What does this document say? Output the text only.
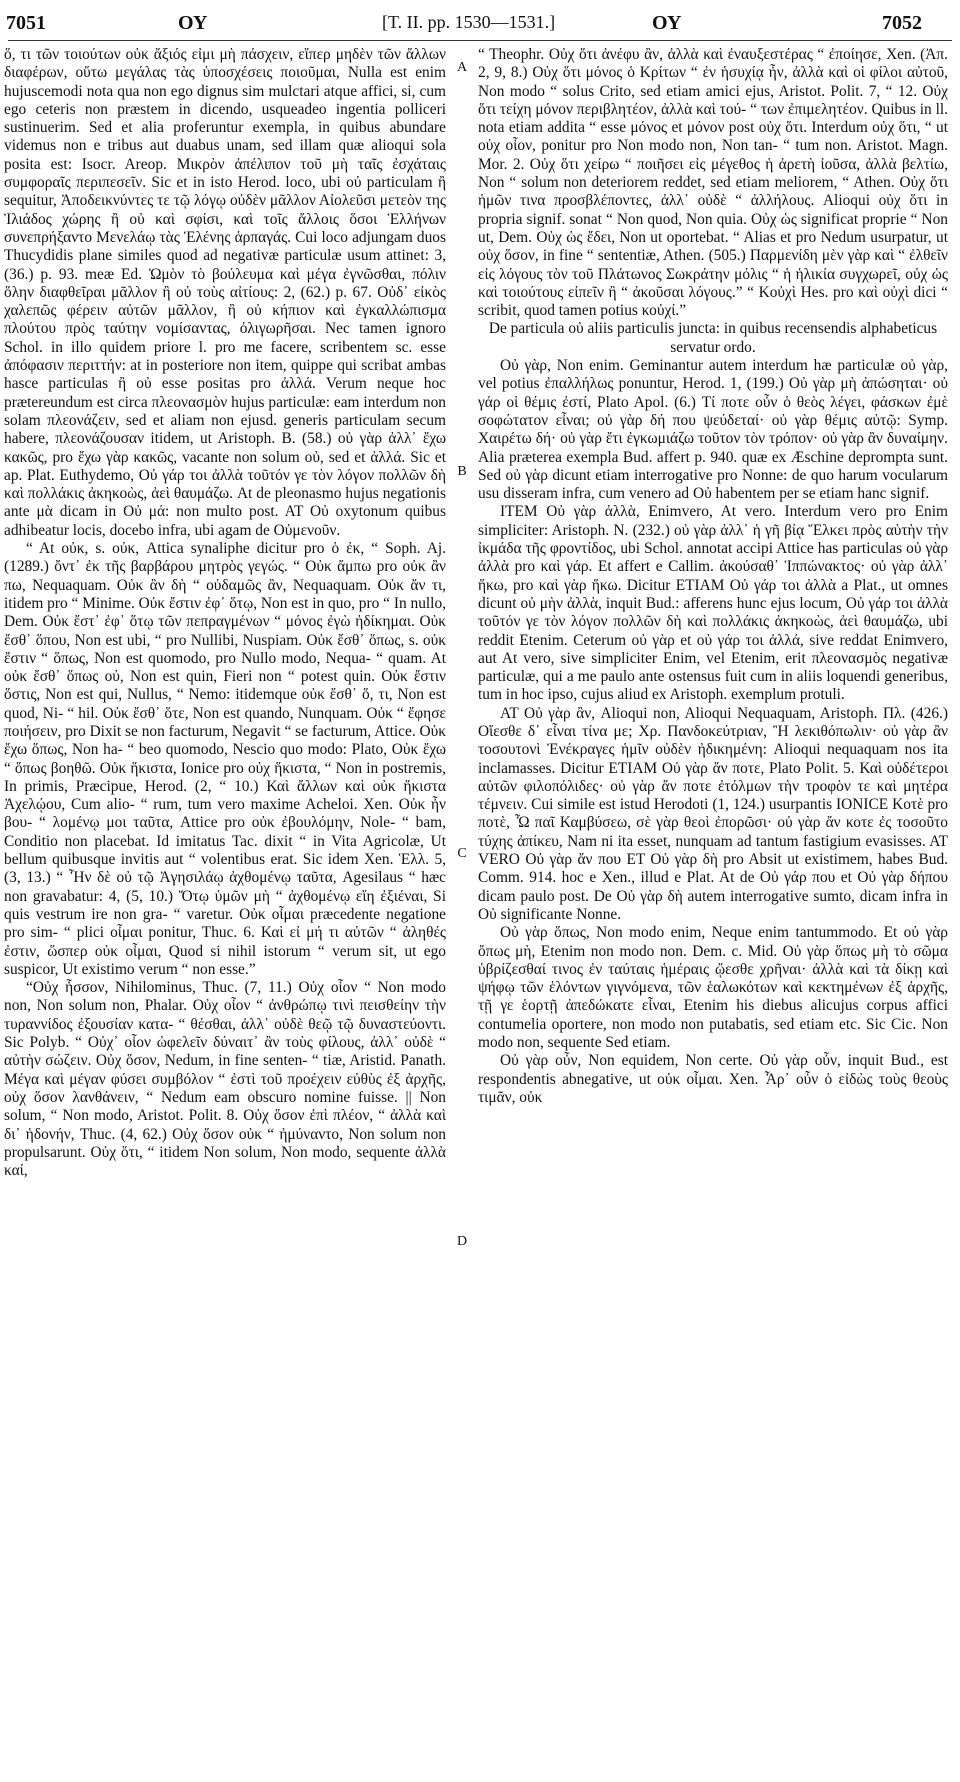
7051	ΟΥ	[T. II. pp. 1530—1531.]	ΟΥ	7052
A
B
C
D

ὅ, τι τῶν τοιούτων οὐκ ἄξιός εἰμι μὴ πάσχειν, εἴπερ μηδὲν τῶν ἄλλων διαφέρων, οὕτω μεγάλας τὰς ὑποσχέσεις ποιοῦμαι, Nulla est enim hujuscemodi nota qua non ego dignus sim mulctari atque affici, si, cum ego ceteris non præstem in dicendo, usqueadeo ingentia polliceri sustinuerim. Sed et alia proferuntur exempla, in quibus abundare videmus non e tribus aut duabus unam, sed illam quæ alioqui sola posita est: Isocr. Areop. Μικρὸν ἀπέλιπον τοῦ μὴ ταῖς ἐσχάταις συμφοραῖς περιπεσεῖν. Sic et in isto Herod. loco, ubi οὐ particulam ἢ sequitur, Ἀποδεικνύντες τε τῷ λόγῳ οὐδὲν μᾶλλον Αἰολεῦσι μετεὸν της Ἰλιάδος χώρης ἢ οὐ καὶ σφίσι, καὶ τοῖς ἄλλοις ὅσοι Ἑλλήνων συνεπρήξαντο Μενελάῳ τὰς Ἑλένης ἁρπαγάς. Cui loco adjungam duos Thucydidis plane similes quod ad negativæ particulæ usum attinet: 3, (36.) p. 93. meæ Ed. Ὠμὸν τὸ βούλευμα καὶ μέγα ἐγνῶσθαι, πόλιν ὅλην διαφθεῖραι μᾶλλον ἢ οὐ τοὺς αἰτίους: 2, (62.) p. 67. Οὐδ᾽ εἰκὸς χαλεπῶς φέρειν αὐτῶν μᾶλλον, ἢ οὐ κήπιον καὶ ἐγκαλλώπισμα πλούτου πρὸς ταύτην νομίσαντας, ὀλιγωρῆσαι. Nec tamen ignoro Schol. in illo quidem priore l. pro me facere, scribentem sc. esse ἀπόφασιν περιττήν: at in posteriore non item, quippe qui scribat ambas hasce particulas ἢ οὐ esse positas pro ἀλλά. Verum neque hoc prætereundum est circa πλεονασμὸν hujus particulæ: eam interdum non solam πλεονάζειν, sed et aliam non ejusd. generis particulam secum habere, πλεονάζουσαν itidem, ut Aristoph. B. (58.) οὐ γὰρ ἀλλ᾽ ἔχω κακῶς, pro ἔχω γὰρ κακῶς, vacante non solum οὐ, sed et ἀλλά. Sic et ap. Plat. Euthydemo, Οὐ γάρ τοι ἀλλὰ τοῦτόν γε τὸν λόγον πολλῶν δὴ καὶ πολλάκις ἀκηκοὼς, ἀεὶ θαυμάζω. At de pleonasmo hujus negationis ante μὰ dicam in Οὐ μά: non multo post. AT Οὐ oxytonum quibus adhibeatur locis, docebo infra, ubi agam de Οὐμενοῦν.

“ At οὐκ, s. οὐκ, Attica synaliphe dicitur pro ὁ ἐκ, “ Soph. Aj. (1289.) ὄντ᾽ ἐκ τῆς βαρβάρου μητρὸς γεγώς. “ Οὐκ ἄμπω pro οὐκ ἂν πω, Nequaquam. Οὐκ ἂν δὴ “ οὐδαμῶς ἂν, Nequaquam. Οὐκ ἄν τι, itidem pro “ Minime. Οὐκ ἔστιν ἐφ᾽ ὅτῳ, Non est in quo, pro “ In nullo, Dem. Οὐκ ἔστ᾽ ἐφ᾽ ὅτῳ τῶν πεπραγμένων “ μόνος ἐγὼ ἠδίκημαι. Οὐκ ἔσθ᾽ ὅπου, Non est ubi, “ pro Nullibi, Nuspiam. Οὐκ ἔσθ᾽ ὅπως, s. οὐκ ἔστιν “ ὅπως, Non est quomodo, pro Nullo modo, Nequa- “ quam. At οὐκ ἔσθ᾽ ὅπως οὐ, Non est quin, Fieri non “ potest quin. Οὐκ ἔστιν ὅστις, Non est qui, Nullus, “ Nemo: itidemque οὐκ ἔσθ᾽ ὅ, τι, Non est quod, Ni- “ hil. Οὐκ ἔσθ᾽ ὅτε, Non est quando, Nunquam. Οὐκ “ ἔφησε ποιήσειν, pro Dixit se non facturum, Negavit “ se facturum, Attice. Οὐκ ἔχω ὅπως, Non ha- “ beo quomodo, Nescio quo modo: Plato, Οὐκ ἔχω “ ὅπως βοηθῶ. Οὐκ ἥκιστα, Ionice pro οὐχ ἥκιστα, “ Non in postremis, In primis, Præcipue, Herod. (2, “ 10.) Καὶ ἄλλων καὶ οὐκ ἥκιστα Ἀχελῴου, Cum alio- “ rum, tum vero maxime Acheloi. Xen. Οὐκ ἦν βου- “ λομένῳ μοι ταῦτα, Attice pro οὐκ ἐβουλόμην, Nole- “ bam, Conditio non placebat. Id imitatus Tac. dixit “ in Vita Agricolæ, Ut bellum quibusque invitis aut “ volentibus erat. Sic idem Xen. Ἑλλ. 5, (3, 13.) “ Ἦν δὲ οὐ τῷ Ἀγησιλάῳ ἀχθομένῳ ταῦτα, Agesilaus “ hæc non gravabatur: 4, (5, 10.) Ὅτῳ ὑμῶν μὴ “ ἀχθομένῳ εἴη ἐξιέναι, Si quis vestrum ire non gra- “ varetur. Οὐκ οἶμαι præcedente negatione pro sim- “ plici οἶμαι ponitur, Thuc. 6. Καὶ εἰ μή τι αὐτῶν “ ἀληθές ἐστιν, ὥσπερ οὐκ οἶμαι, Quod si nihil istorum “ verum sit, ut ego suspicor, Ut existimo verum “ non esse.”

“Οὐχ ἧσσον, Nihilominus, Thuc. (7, 11.) Οὐχ οἷον “ Non modo non, Non solum non, Phalar. Οὐχ οἷον “ ἀνθρώπῳ τινὶ πεισθείην τὴν τυραννίδος ἐξουσίαν κατα- “ θέσθαι, ἀλλ᾽ οὐδὲ θεῷ τῷ δυναστεύοντι. Sic Polyb. “ Οὐχ᾽ οἷον ὠφελεῖν δύναιτ᾽ ἂν τοὺς φίλους, ἀλλ᾽ οὐδὲ “ αὐτὴν σώζειν. Οὐχ ὅσον, Nedum, in fine senten- “ tiæ, Aristid. Panath. Μέγα καὶ μέγαν φύσει συμβόλον “ ἐστὶ τοῦ προέχειν εὐθὺς ἐξ ἀρχῆς, οὐχ ὅσον λανθάνειν, “ Nedum eam obscuro nomine fuisse. || Non solum, “ Non modo, Aristot. Polit. 8. Οὐχ ὅσον ἐπὶ πλέον, “ ἀλλὰ καὶ δι᾽ ἡδονήν, Thuc. (4, 62.) Οὐχ ὅσον οὐκ “ ἠμύναντο, Non solum non propulsarunt. Οὐχ ὅτι, “ itidem Non solum, Non modo, sequente ἀλλὰ καί,

“ Theophr. Οὐχ ὅτι ἀνέφυ ἂν, ἀλλὰ καὶ ἐναυξεστέρας “ ἐποίησε, Xen. (Ἀπ. 2, 9, 8.) Οὐχ ὅτι μόνος ὁ Κρίτων “ ἐν ἡσυχίᾳ ἦν, ἀλλὰ καὶ οἱ φίλοι αὐτοῦ, Non modo “ solus Crito, sed etiam amici ejus, Aristot. Polit. 7, “ 12. Οὐχ ὅτι τείχη μόνον περιβλητέον, ἀλλὰ καὶ τού- “ των ἐπιμελητέον. Quibus in ll. nota etiam addita “ esse μόνος et μόνον post οὐχ ὅτι. Interdum οὐχ ὅτι, “ ut οὐχ οἷον, ponitur pro Non modo non, Non tan- “ tum non. Aristot. Magn. Mor. 2. Οὐχ ὅτι χείρω “ ποιῆσει εἰς μέγεθος ἡ ἀρετὴ ἰοῦσα, ἀλλὰ βελτίω, Non “ solum non deteriorem reddet, sed etiam meliorem, “ Athen. Οὐχ ὅτι ἡμῶν τινα προσβλέποντες, ἀλλ᾽ οὐδὲ “ ἀλλήλους. Alioqui οὐχ ὅτι in propria signif. sonat “ Non quod, Non quia. Οὐχ ὡς significat proprie “ Non ut, Dem. Οὐχ ὡς ἔδει, Non ut oportebat. “ Alias et pro Nedum usurpatur, ut οὐχ ὅσον, in fine “ sententiæ, Athen. (505.) Παρμενίδη μὲν γὰρ καὶ “ ἐλθεῖν εἰς λόγους τὸν τοῦ Πλάτωνος Σωκράτην μόλις “ ἡ ἡλικία συγχωρεῖ, οὐχ ὡς καὶ τοιούτους εἰπεῖν ἢ “ ἀκοῦσαι λόγους.” “ Κοὐχὶ Hes. pro καὶ οὐχὶ dici “ scribit, quod tamen potius κοὐχί.”

De particula οὐ aliis particulis juncta: in quibus recensendis alphabeticus servatur ordo.

Οὐ γὰρ, Non enim. Geminantur autem interdum hæ particulæ οὐ γὰρ, vel potius ἐπαλλήλως ponuntur, Herod. 1, (199.) Οὐ γὰρ μὴ ἀπώσηται· οὐ γάρ οἱ θέμις ἐστί, Plato Apol. (6.) Τί ποτε οὖν ὁ θεὸς λέγει, φάσκων ἐμὲ σοφώτατον εἶναι; οὐ γὰρ δή που ψεύδεταί· οὐ γὰρ θέμις αὐτῷ: Symp. Χαιρέτω δή· οὐ γὰρ ἔτι ἐγκωμιάζω τοῦτον τὸν τρόπον· οὐ γὰρ ἂν δυναίμην. Alia præterea exempla Bud. affert p. 940. quæ ex Æschine deprompta sunt. Sed οὐ γὰρ dicunt etiam interrogative pro Nonne: de quo harum vocularum usu disseram infra, cum venero ad Οὐ habentem per se etiam hanc signif.

ITEM Οὐ γὰρ ἀλλὰ, Enimvero, At vero. Interdum vero pro Enim simpliciter: Aristoph. N. (232.) οὐ γὰρ ἀλλ᾽ ἡ γῆ βίᾳ Ἕλκει πρὸς αὑτὴν τὴν ἰκμάδα τῆς φροντίδος, ubi Schol. annotat accipi Attice has particulas οὐ γὰρ ἀλλὰ pro καὶ γάρ. Et affert e Callim. ἀκούσαθ᾽ Ἱππώνακτος· οὐ γὰρ ἀλλ᾽ ἥκω, pro καὶ γὰρ ἥκω. Dicitur ETIAM Οὐ γάρ τοι ἀλλὰ a Plat., ut omnes dicunt οὐ μὴν ἀλλὰ, inquit Bud.: afferens hunc ejus locum, Οὐ γάρ τοι ἀλλὰ τοῦτόν γε τὸν λόγον πολλῶν δὴ καὶ πολλάκις ἀκηκοὼς, ἀεὶ θαυμάζω, ubi reddit Etenim. Ceterum οὐ γὰρ et οὐ γάρ τοι ἀλλά, sive reddat Enimvero, aut At vero, sive simpliciter Enim, vel Etenim, erit πλεονασμὸς negativæ particulæ, qui a me paulo ante ostensus fuit cum in aliis loquendi generibus, tum in hoc ipso, cujus aliud ex Aristoph. exemplum protuli.

AT Οὐ γὰρ ἂν, Alioqui non, Alioqui Nequaquam, Aristoph. Πλ. (426.) Οἴεσθε δ᾽ εἶναι τίνα με; Χρ. Πανδοκεύτριαν, Ἢ λεκιθόπωλιν· οὐ γὰρ ἂν τοσουτονὶ Ἐνέκραγες ἡμῖν οὐδὲν ἠδικημένη: Alioqui nequaquam nos ita inclamasses. Dicitur ETIAM Οὐ γὰρ ἄν ποτε, Plato Polit. 5. Καὶ οὐδέτεροι αὐτῶν φιλοπόλιδες· οὐ γὰρ ἄν ποτε ἐτόλμων τὴν τροφὸν τε καὶ μητέρα τέμνειν. Cui simile est istud Herodoti (1, 124.) usurpantis IONICE Κοτὲ pro ποτὲ, Ὦ παῖ Καμβύσεω, σὲ γὰρ θεοὶ ἐπορῶσι· οὐ γὰρ ἄν κοτε ἐς τοσοῦτο τύχης ἀπίκευ, Nam ni ita esset, nunquam ad tantum fastigium evasisses. AT VERO Οὐ γὰρ ἄν που ET Οὐ γὰρ δὴ pro Absit ut existimem, habes Bud. Comm. 914. hoc e Xen., illud e Plat. At de Οὐ γάρ που et Οὐ γὰρ δήπου dicam paulo post. De Οὐ γὰρ δὴ autem interrogative sumto, dicam infra in Οὐ significante Nonne.

Οὐ γὰρ ὅπως, Non modo enim, Neque enim tantummodo. Et οὐ γὰρ ὅπως μὴ, Etenim non modo non. Dem. c. Mid. Οὐ γὰρ ὅπως μὴ τὸ σῶμα ὑβρίζεσθαί τινος ἐν ταύταις ἡμέραις ᾤεσθε χρῆναι· ἀλλὰ καὶ τὰ δίκῃ καὶ ψήφῳ τῶν ἑλόντων γιγνόμενα, τῶν ἑαλωκότων καὶ κεκτημένων ἐξ ἀρχῆς, τῇ γε ἑορτῇ ἀπεδώκατε εἶναι, Etenim his diebus alicujus corpus affici contumelia oportere, non modo non putabatis, sed etiam etc. Sic Cic. Non modo non, sequente Sed etiam.

Οὐ γὰρ οὖν, Non equidem, Non certe. Οὐ γὰρ οὖν, inquit Bud., est respondentis abnegative, ut οὐκ οἶμαι. Xen. Ἆρ᾽ οὖν ὁ εἰδὼς τοὺς θεοὺς τιμᾶν, οὐκ
